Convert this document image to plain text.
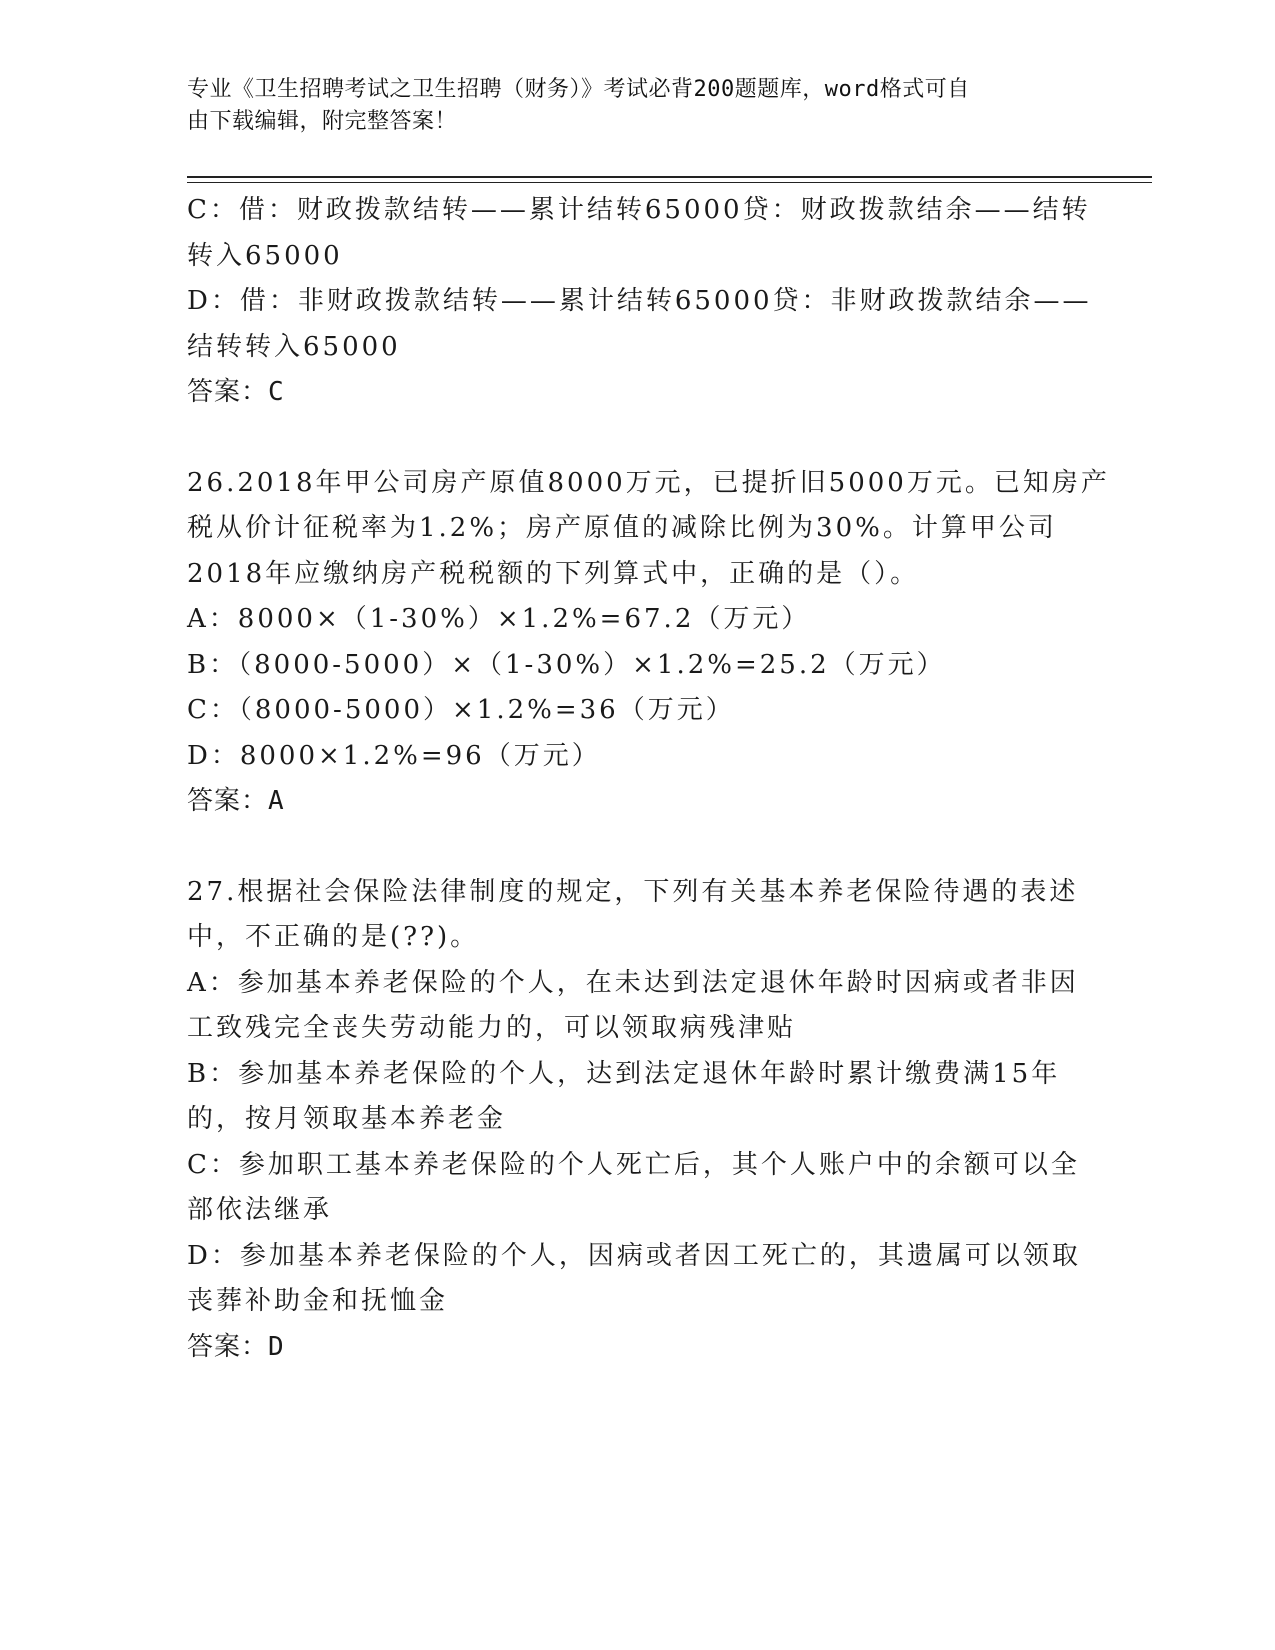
专业《卫生招聘考试之卫生招聘（财务）》考试必背200题题库，word格式可自
由下载编辑，附完整答案！

C：借：财政拨款结转——累计结转65000贷：财政拨款结余——结转

转入65000

D：借：非财政拨款结转——累计结转65000贷：非财政拨款结余——

结转转入65000

答案：C

26.2018年甲公司房产原值8000万元，已提折旧5000万元。已知房产

税从价计征税率为1.2%；房产原值的减除比例为30%。计算甲公司

2018年应缴纳房产税税额的下列算式中，正确的是（）。

A：8000×（1-30%）×1.2%=67.2（万元）

B：（8000-5000）×（1-30%）×1.2%=25.2（万元）

C：（8000-5000）×1.2%=36（万元）

D：8000×1.2%=96（万元）

答案：A

27.根据社会保险法律制度的规定，下列有关基本养老保险待遇的表述

中，不正确的是(??)。

A：参加基本养老保险的个人，在未达到法定退休年龄时因病或者非因

工致残完全丧失劳动能力的，可以领取病残津贴

B：参加基本养老保险的个人，达到法定退休年龄时累计缴费满15年

的，按月领取基本养老金

C：参加职工基本养老保险的个人死亡后，其个人账户中的余额可以全

部依法继承

D：参加基本养老保险的个人，因病或者因工死亡的，其遗属可以领取

丧葬补助金和抚恤金

答案：D
